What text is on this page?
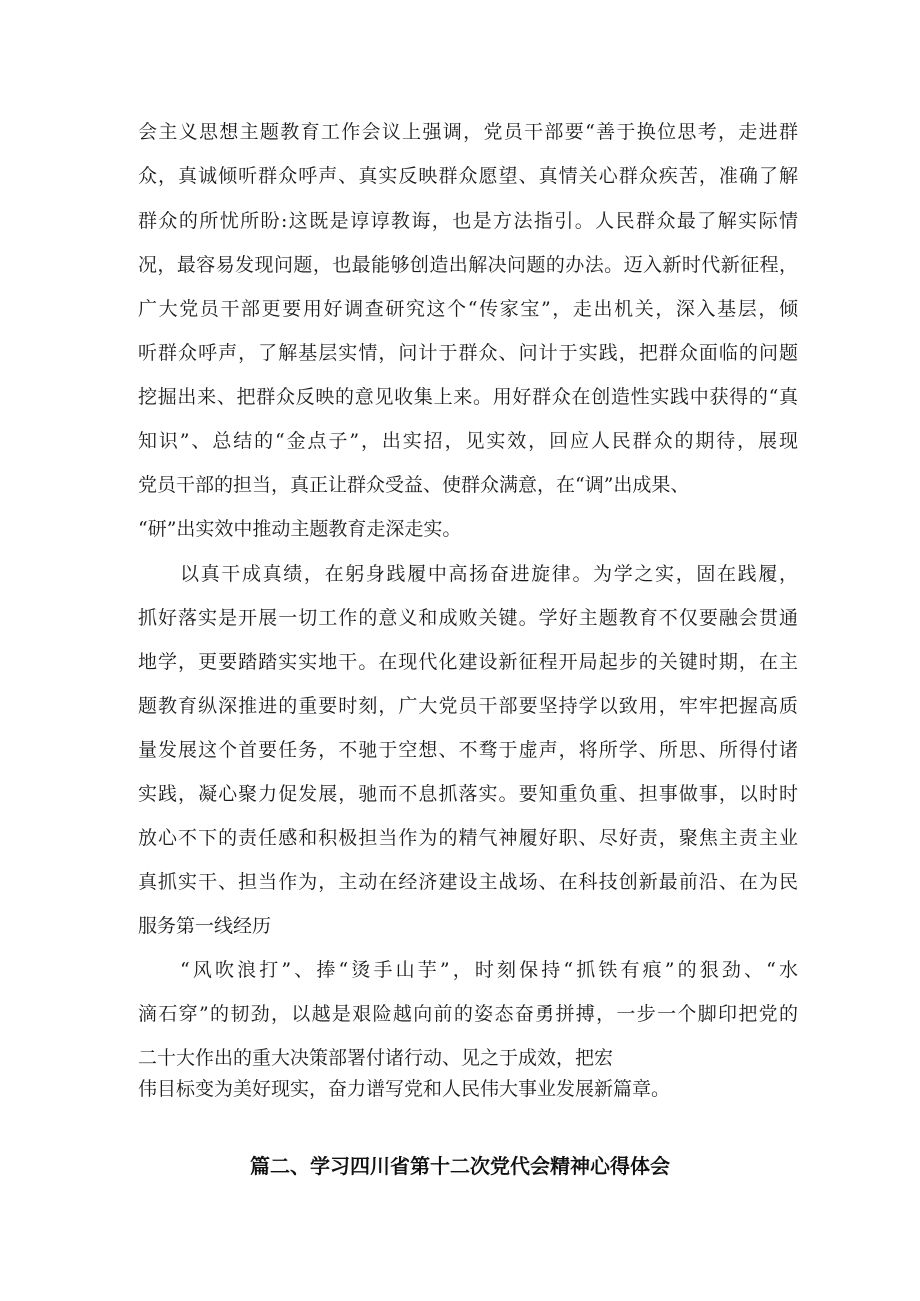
会主义思想主题教育工作会议上强调，党员干部要“善于换位思考，走进群

众，真诚倾听群众呼声、真实反映群众愿望、真情关心群众疾苦，准确了解

群众的所忧所盼:这既是谆谆教诲，也是方法指引。人民群众最了解实际情

况，最容易发现问题，也最能够创造出解决问题的办法。迈入新时代新征程，

广大党员干部更要用好调查研究这个“传家宝”，走出机关，深入基层，倾

听群众呼声，了解基层实情，问计于群众、问计于实践，把群众面临的问题

挖掘出来、把群众反映的意见收集上来。用好群众在创造性实践中获得的“真

知识”、总结的“金点子”，出实招，见实效，回应人民群众的期待，展现

党员干部的担当，真正让群众受益、使群众满意，在“调”出成果、

“研”出实效中推动主题教育走深走实。

以真干成真绩，在躬身践履中高扬奋进旋律。为学之实，固在践履，

抓好落实是开展一切工作的意义和成败关键。学好主题教育不仅要融会贯通

地学，更要踏踏实实地干。在现代化建设新征程开局起步的关键时期，在主

题教育纵深推进的重要时刻，广大党员干部要坚持学以致用，牢牢把握高质

量发展这个首要任务，不驰于空想、不骛于虚声，将所学、所思、所得付诸

实践，凝心聚力促发展，驰而不息抓落实。要知重负重、担事做事，以时时

放心不下的责任感和积极担当作为的精气神履好职、尽好责，聚焦主责主业

真抓实干、担当作为，主动在经济建设主战场、在科技创新最前沿、在为民

服务第一线经历

“风吹浪打”、捧“烫手山芋”，时刻保持“抓铁有痕”的狠劲、“水

滴石穿”的韧劲，以越是艰险越向前的姿态奋勇拼搏，一步一个脚印把党的

二十大作出的重大决策部署付诸行动、见之于成效，把宏

伟目标变为美好现实，奋力谱写党和人民伟大事业发展新篇章。

篇二、学习四川省第十二次党代会精神心得体会
